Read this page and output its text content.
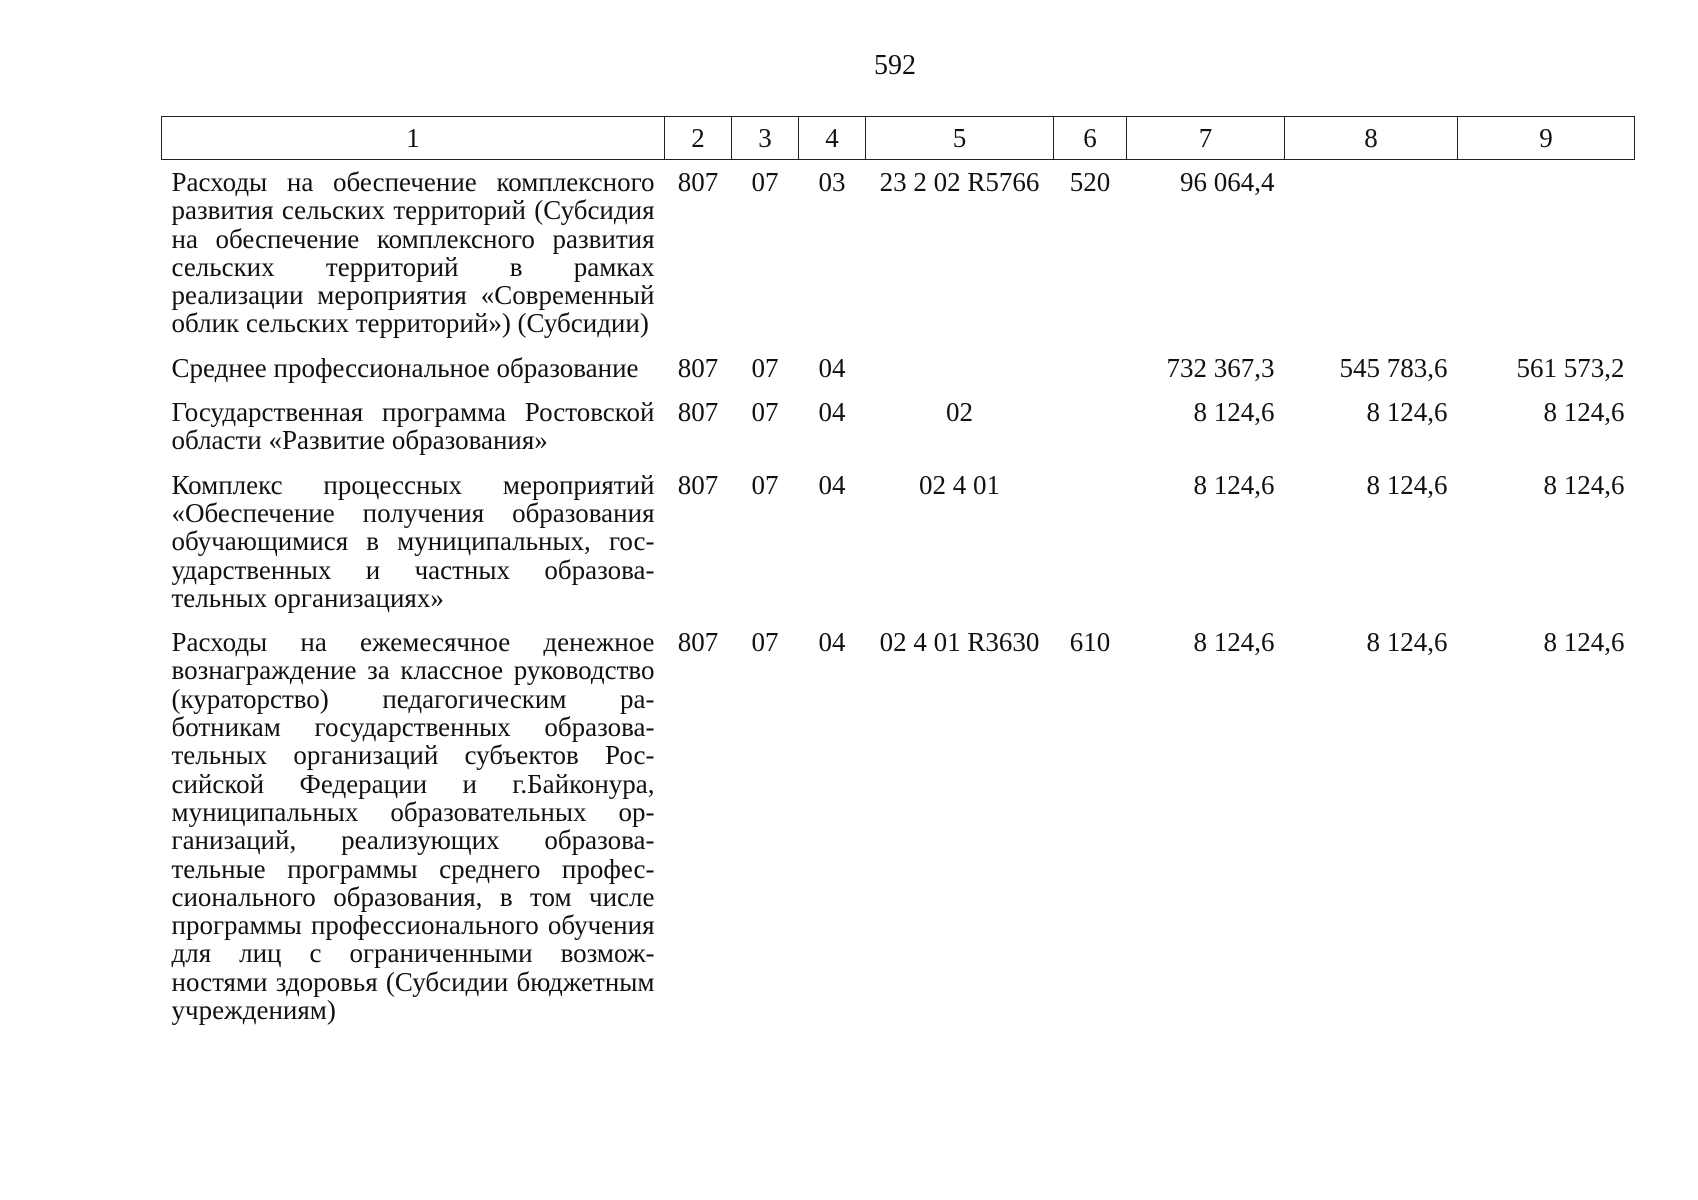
592
1	2	3	4	5	6	7	8	9
Расходы на обеспечение комплексного развития сельских территорий (Субсидия на обеспечение комплексного развития сельских территорий в рамках реализации мероприятия «Современный облик сельских территорий») (Субсидии)	807	07	03	23 2 02 R5766	520	96 064,4		
Среднее профессиональное образование	807	07	04			732 367,3	545 783,6	561 573,2
Государственная программа Ростовской области «Развитие образования»	807	07	04	02		8 124,6	8 124,6	8 124,6
Комплекс процессных мероприятий «Обеспечение получения образования обучающимися в муниципальных, государственных и частных образовательных организациях»	807	07	04	02 4 01		8 124,6	8 124,6	8 124,6
Расходы на ежемесячное денежное вознаграждение за классное руководство (кураторство) педагогическим работникам государственных образовательных организаций субъектов Российской Федерации и г.Байконура, муниципальных образовательных организаций, реализующих образовательные программы среднего профессионального образования, в том числе программы профессионального обучения для лиц с ограниченными возможностями здоровья (Субсидии бюджетным учреждениям)	807	07	04	02 4 01 R3630	610	8 124,6	8 124,6	8 124,6
